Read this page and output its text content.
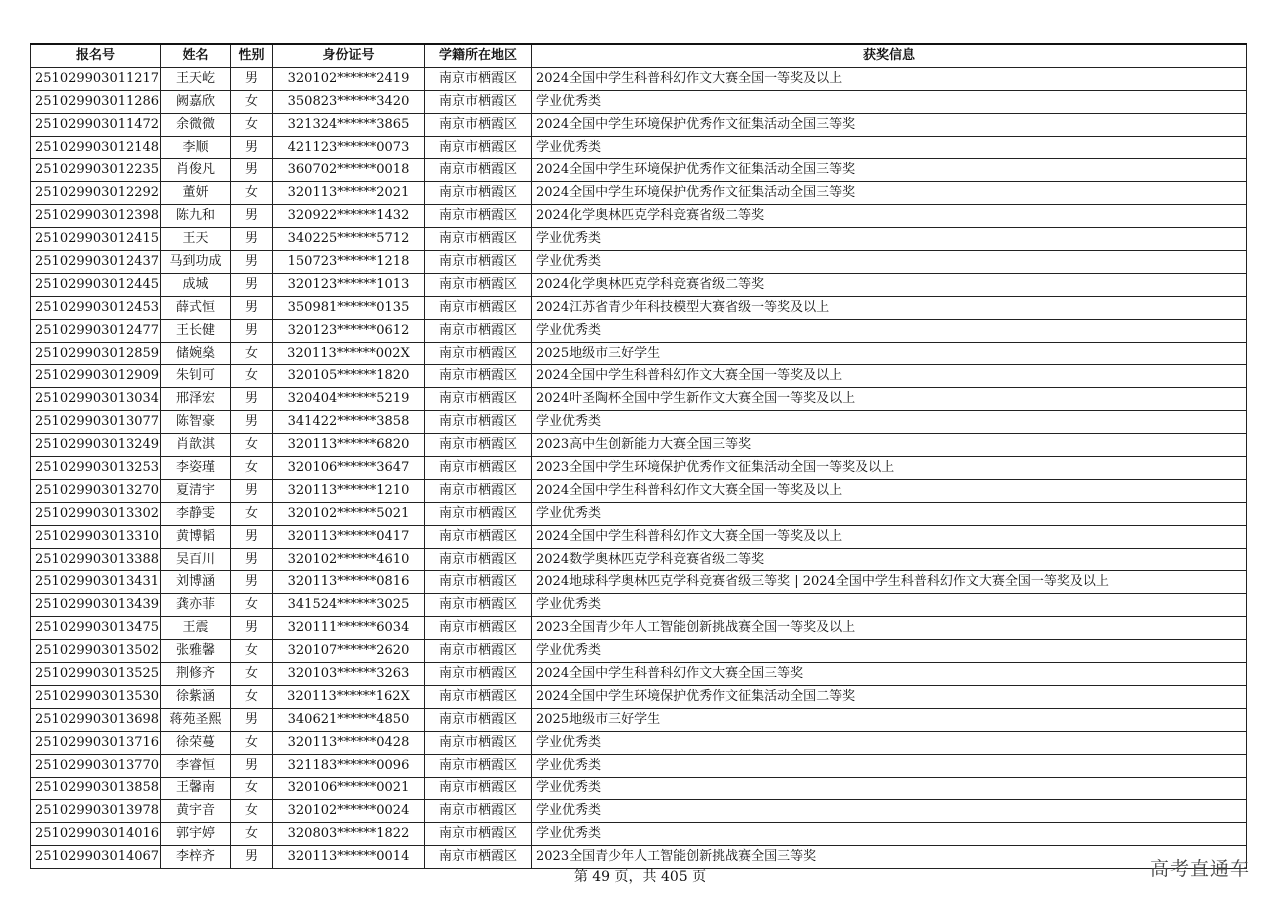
报名号	姓名	性别	身份证号	学籍所在地区	获奖信息
251029903011217	王天屹	男	320102******2419	南京市栖霞区	2024全国中学生科普科幻作文大赛全国一等奖及以上
251029903011286	阙嘉欣	女	350823******3420	南京市栖霞区	学业优秀类
251029903011472	余微微	女	321324******3865	南京市栖霞区	2024全国中学生环境保护优秀作文征集活动全国三等奖
251029903012148	李顺	男	421123******0073	南京市栖霞区	学业优秀类
251029903012235	肖俊凡	男	360702******0018	南京市栖霞区	2024全国中学生环境保护优秀作文征集活动全国三等奖
251029903012292	董妍	女	320113******2021	南京市栖霞区	2024全国中学生环境保护优秀作文征集活动全国三等奖
251029903012398	陈九和	男	320922******1432	南京市栖霞区	2024化学奥林匹克学科竞赛省级二等奖
251029903012415	王天	男	340225******5712	南京市栖霞区	学业优秀类
251029903012437	马到功成	男	150723******1218	南京市栖霞区	学业优秀类
251029903012445	成城	男	320123******1013	南京市栖霞区	2024化学奥林匹克学科竞赛省级二等奖
251029903012453	薛式恒	男	350981******0135	南京市栖霞区	2024江苏省青少年科技模型大赛省级一等奖及以上
251029903012477	王长健	男	320123******0612	南京市栖霞区	学业优秀类
251029903012859	储婉燊	女	320113******002X	南京市栖霞区	2025地级市三好学生
251029903012909	朱钊可	女	320105******1820	南京市栖霞区	2024全国中学生科普科幻作文大赛全国一等奖及以上
251029903013034	邢泽宏	男	320404******5219	南京市栖霞区	2024叶圣陶杯全国中学生新作文大赛全国一等奖及以上
251029903013077	陈智豪	男	341422******3858	南京市栖霞区	学业优秀类
251029903013249	肖歆淇	女	320113******6820	南京市栖霞区	2023高中生创新能力大赛全国三等奖
251029903013253	李姿瑾	女	320106******3647	南京市栖霞区	2023全国中学生环境保护优秀作文征集活动全国一等奖及以上
251029903013270	夏清宇	男	320113******1210	南京市栖霞区	2024全国中学生科普科幻作文大赛全国一等奖及以上
251029903013302	李静雯	女	320102******5021	南京市栖霞区	学业优秀类
251029903013310	黄博韬	男	320113******0417	南京市栖霞区	2024全国中学生科普科幻作文大赛全国一等奖及以上
251029903013388	吴百川	男	320102******4610	南京市栖霞区	2024数学奥林匹克学科竞赛省级二等奖
251029903013431	刘博涵	男	320113******0816	南京市栖霞区	2024地球科学奥林匹克学科竞赛省级三等奖 | 2024全国中学生科普科幻作文大赛全国一等奖及以上
251029903013439	龚亦菲	女	341524******3025	南京市栖霞区	学业优秀类
251029903013475	王震	男	320111******6034	南京市栖霞区	2023全国青少年人工智能创新挑战赛全国一等奖及以上
251029903013502	张雅馨	女	320107******2620	南京市栖霞区	学业优秀类
251029903013525	荆修齐	女	320103******3263	南京市栖霞区	2024全国中学生科普科幻作文大赛全国三等奖
251029903013530	徐紫涵	女	320113******162X	南京市栖霞区	2024全国中学生环境保护优秀作文征集活动全国二等奖
251029903013698	蒋苑圣熙	男	340621******4850	南京市栖霞区	2025地级市三好学生
251029903013716	徐荣蔓	女	320113******0428	南京市栖霞区	学业优秀类
251029903013770	李睿恒	男	321183******0096	南京市栖霞区	学业优秀类
251029903013858	王馨南	女	320106******0021	南京市栖霞区	学业优秀类
251029903013978	黄宇音	女	320102******0024	南京市栖霞区	学业优秀类
251029903014016	郭宇婷	女	320803******1822	南京市栖霞区	学业优秀类
251029903014067	李梓齐	男	320113******0014	南京市栖霞区	2023全国青少年人工智能创新挑战赛全国三等奖
第 49 页，共 405 页	高考直通车
